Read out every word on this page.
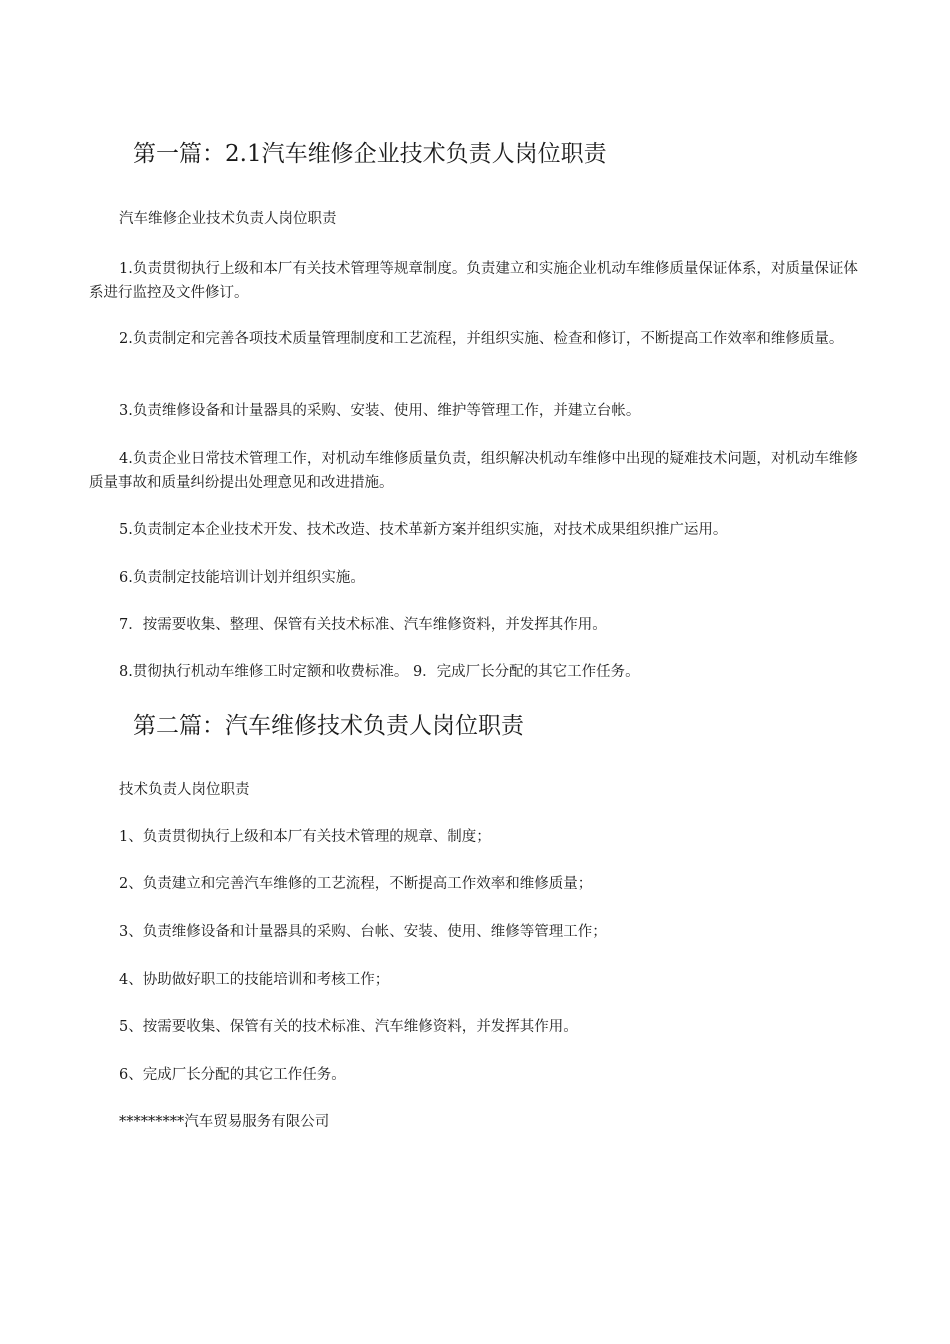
第一篇：2.1汽车维修企业技术负责人岗位职责

汽车维修企业技术负责人岗位职责

1.负责贯彻执行上级和本厂有关技术管理等规章制度。负责建立和实施企业机动车维修质量保证体系，对质量保证体系进行监控及文件修订。

2.负责制定和完善各项技术质量管理制度和工艺流程，并组织实施、检查和修订，不断提高工作效率和维修质量。

3.负责维修设备和计量器具的采购、安装、使用、维护等管理工作，并建立台帐。

4.负责企业日常技术管理工作，对机动车维修质量负责，组织解决机动车维修中出现的疑难技术问题，对机动车维修质量事故和质量纠纷提出处理意见和改进措施。

5.负责制定本企业技术开发、技术改造、技术革新方案并组织实施，对技术成果组织推广运用。

6.负责制定技能培训计划并组织实施。

7．按需要收集、整理、保管有关技术标准、汽车维修资料，并发挥其作用。

8.贯彻执行机动车维修工时定额和收费标准。 9．完成厂长分配的其它工作任务。

第二篇：汽车维修技术负责人岗位职责

技术负责人岗位职责

1、负责贯彻执行上级和本厂有关技术管理的规章、制度；

2、负责建立和完善汽车维修的工艺流程，不断提高工作效率和维修质量；

3、负责维修设备和计量器具的采购、台帐、安装、使用、维修等管理工作；

4、协助做好职工的技能培训和考核工作；

5、按需要收集、保管有关的技术标准、汽车维修资料，并发挥其作用。

6、完成厂长分配的其它工作任务。

*********汽车贸易服务有限公司
